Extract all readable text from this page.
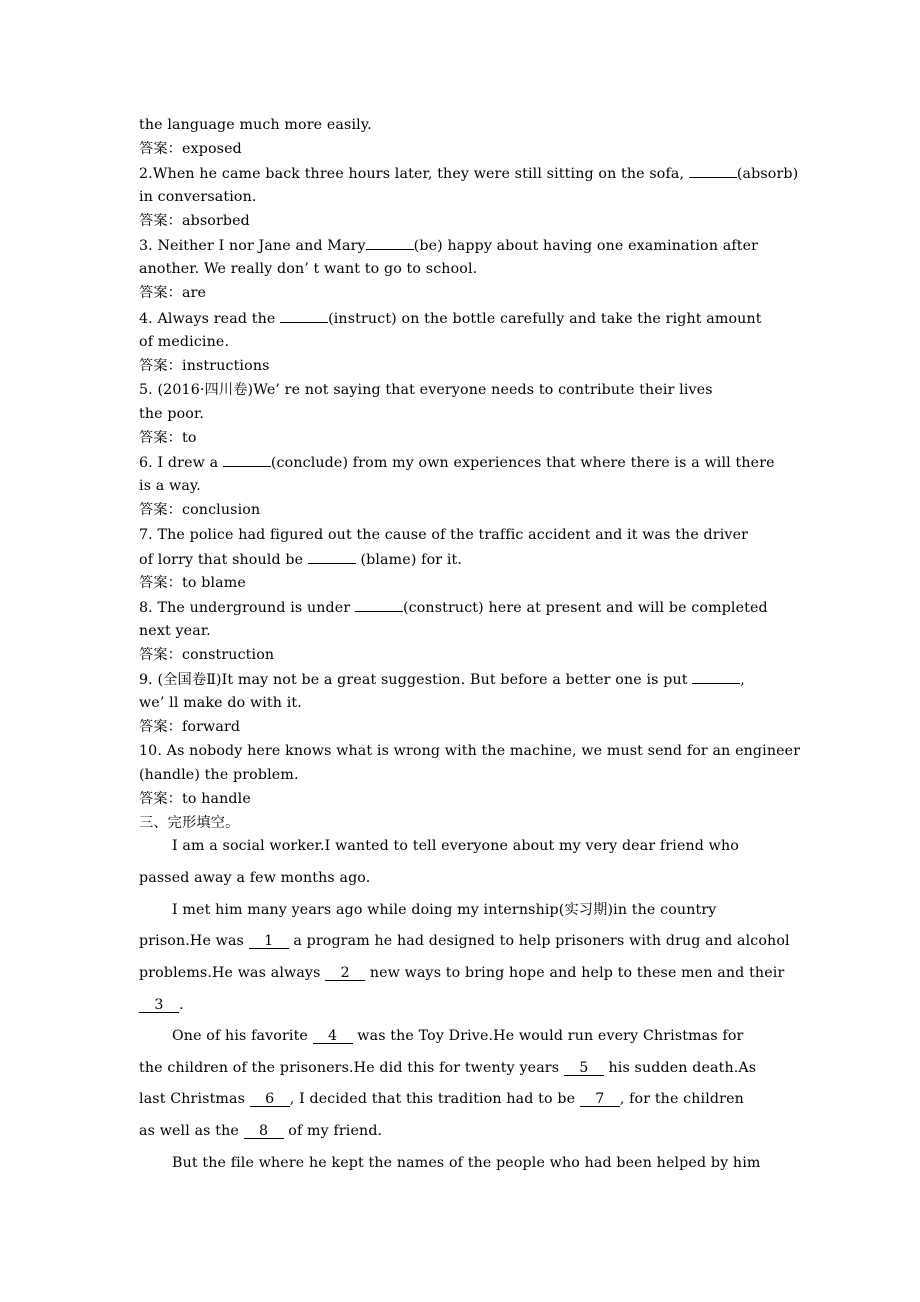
the language much more easily.
答案：exposed
2.When he came back three hours later, they were still sitting on the sofa,	(absorb)
in conversation.
答案：absorbed
3. Neither I nor Jane and Mary	(be) happy about having one examination after
another. We really don’ t want to go to school.
答案：are
4. Always read the	(instruct) on the bottle carefully and take the right amount
of medicine.
答案：instructions
5. (2016·四川卷)We’ re not saying that everyone needs to contribute their lives
the poor.
答案：to
6. I drew a	(conclude) from my own experiences that where there is a will there
is a way.
答案：conclusion
7. The police had figured out the cause of the traffic accident and it was the driver
of lorry that should be	(blame) for it.
答案：to blame
8. The underground is under	(construct) here at present and will be completed
next year.
答案：construction
9. (全国卷Ⅱ)It may not be a great suggestion. But before a better one is put	,
we’ ll make do with it.
答案：forward
10. As nobody here knows what is wrong with the machine, we must send for an engineer
(handle) the problem.
答案：to handle
三、完形填空。
I am a social worker.I wanted to tell everyone about my very dear friend who
passed away a few months ago.
I met him many years ago while doing my internship(实习期)in the country
prison.He was 1 a program he had designed to help prisoners with drug and alcohol
problems.He was always 2 new ways to bring hope and help to these men and their
3 .
One of his favorite 4 was the Toy Drive.He would run every Christmas for
the children of the prisoners.He did this for twenty years 5 his sudden death.As
last Christmas 6 , I decided that this tradition had to be 7 , for the children
as well as the 8 of my friend.
But the file where he kept the names of the people who had been helped by him
